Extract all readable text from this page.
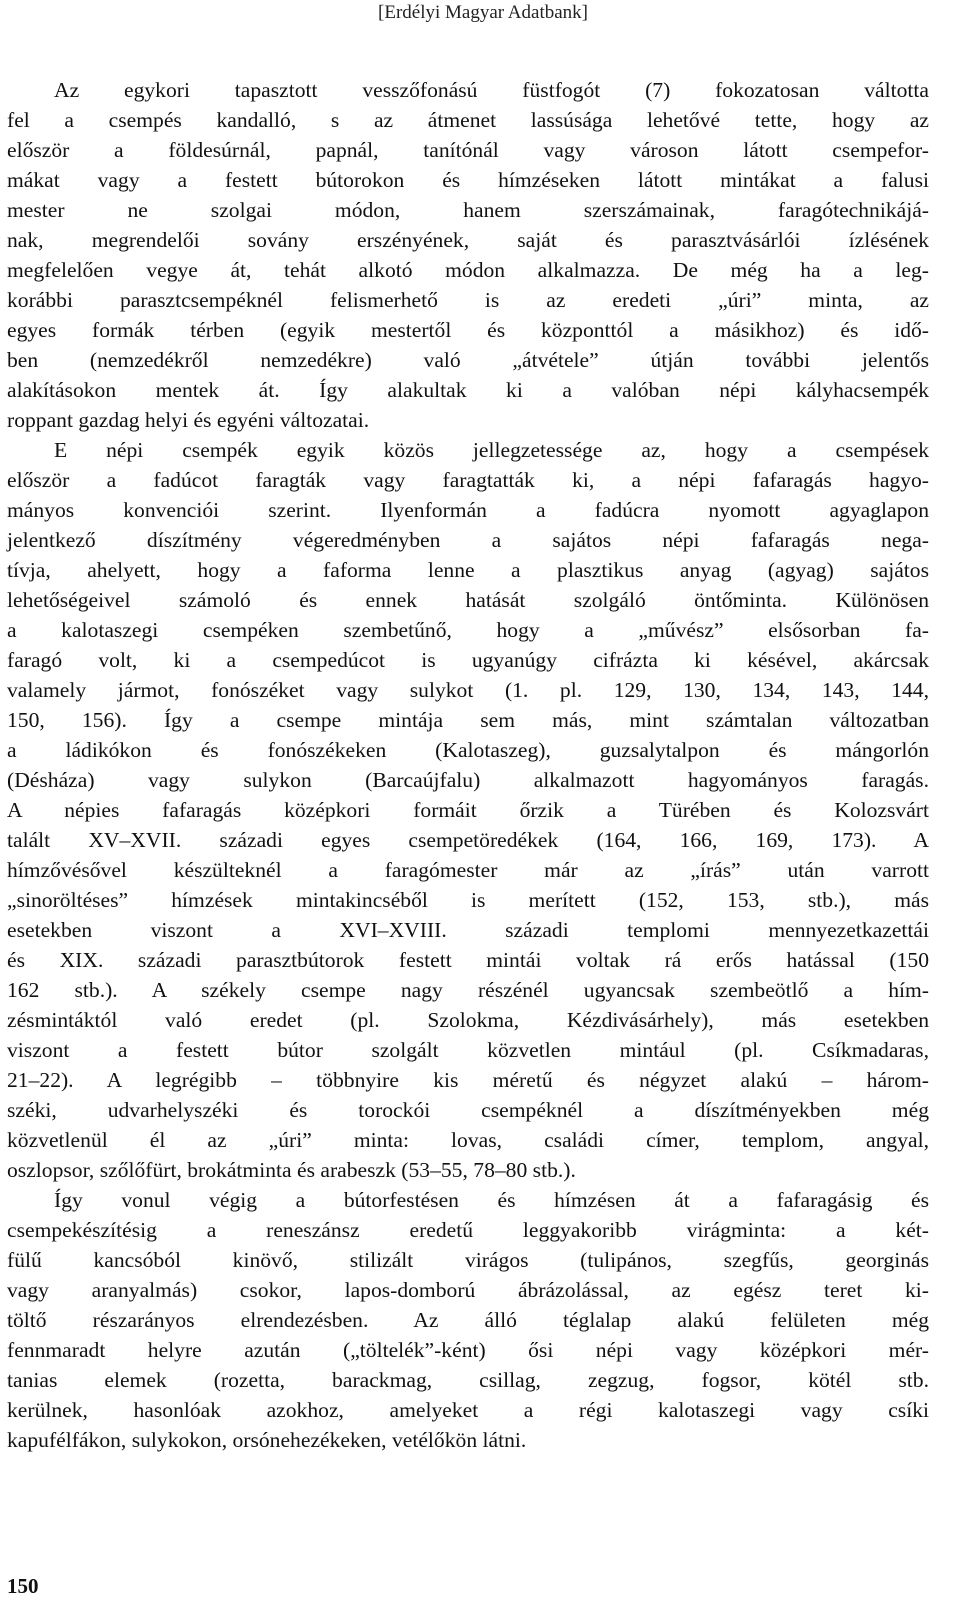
[Erdélyi Magyar Adatbank]
Az egykori tapasztott vesszőfonású füstfogót (7) fokozatosan váltotta
fel a csempés kandalló, s az átmenet lassúsága lehetővé tette, hogy az
először a földesúrnál, papnál, tanítónál vagy városon látott csempefor-
mákat vagy a festett bútorokon és hímzéseken látott mintákat a falusi
mester ne szolgai módon, hanem szerszámainak, faragótechnikájá-
nak, megrendelői sovány erszényének, saját és parasztvásárlói ízlésének
megfelelően vegye át, tehát alkotó módon alkalmazza. De még ha a leg-
korábbi parasztcsempéknél felismerhető is az eredeti „úri” minta, az
egyes formák térben (egyik mestertől és központtól a másikhoz) és idő-
ben (nemzedékről nemzedékre) való „átvétele” útján további jelentős
alakításokon mentek át. Így alakultak ki a valóban népi kályhacsempék
roppant gazdag helyi és egyéni változatai.
E népi csempék egyik közös jellegzetessége az, hogy a csempések
először a fadúcot faragták vagy faragtatták ki, a népi fafaragás hagyo-
mányos konvenciói szerint. Ilyenformán a fadúcra nyomott agyaglapon
jelentkező díszítmény végeredményben a sajátos népi fafaragás nega-
tívja, ahelyett, hogy a faforma lenne a plasztikus anyag (agyag) sajátos
lehetőségeivel számoló és ennek hatását szolgáló öntőminta. Különösen
a kalotaszegi csempéken szembetűnő, hogy a „művész” elsősorban fa-
faragó volt, ki a csempedúcot is ugyanúgy cifrázta ki késével, akárcsak
valamely jármot, fonószéket vagy sulykot (1. pl. 129, 130, 134, 143, 144,
150, 156). Így a csempe mintája sem más, mint számtalan változatban
a ládikókon és fonószékeken (Kalotaszeg), guzsalytalpon és mángorlón
(Désháza) vagy sulykon (Barcaújfalu) alkalmazott hagyományos faragás.
A népies fafaragás középkori formáit őrzik a Türében és Kolozsvárt
talált XV–XVII. századi egyes csempetöredékek (164, 166, 169, 173). A
hímzővésővel készülteknél a faragómester már az „írás” után varrott
„sinoröltéses” hímzések mintakincséből is merített (152, 153, stb.), más
esetekben viszont a XVI–XVIII. századi templomi mennyezetkazettái
és XIX. századi parasztbútorok festett mintái voltak rá erős hatással (150
162 stb.). A székely csempe nagy részénél ugyancsak szembeötlő a hím-
zésmintáktól való eredet (pl. Szolokma, Kézdivásárhely), más esetekben
viszont a festett bútor szolgált közvetlen mintául (pl. Csíkmadaras,
21–22). A legrégibb – többnyire kis méretű és négyzet alakú – három-
széki, udvarhelyszéki és torockói csempéknél a díszítményekben még
közvetlenül él az „úri” minta: lovas, családi címer, templom, angyal,
oszlopsor, szőlőfürt, brokátminta és arabeszk (53–55, 78–80 stb.).
Így vonul végig a bútorfestésen és hímzésen át a fafaragásig és
csempekészítésig a reneszánsz eredetű leggyakoribb virágminta: a két-
fülű kancsóból kinövő, stilizált virágos (tulipános, szegfűs, georginás
vagy aranyalmás) csokor, lapos-domború ábrázolással, az egész teret ki-
töltő részarányos elrendezésben. Az álló téglalap alakú felületen még
fennmaradt helyre azután („töltelék”-ként) ősi népi vagy középkori mér-
tanias elemek (rozetta, barackmag, csillag, zegzug, fogsor, kötél stb.
kerülnek, hasonlóak azokhoz, amelyeket a régi kalotaszegi vagy csíki
kapufélfákon, sulykokon, orsónehezékeken, vetélőkön látni.
150
